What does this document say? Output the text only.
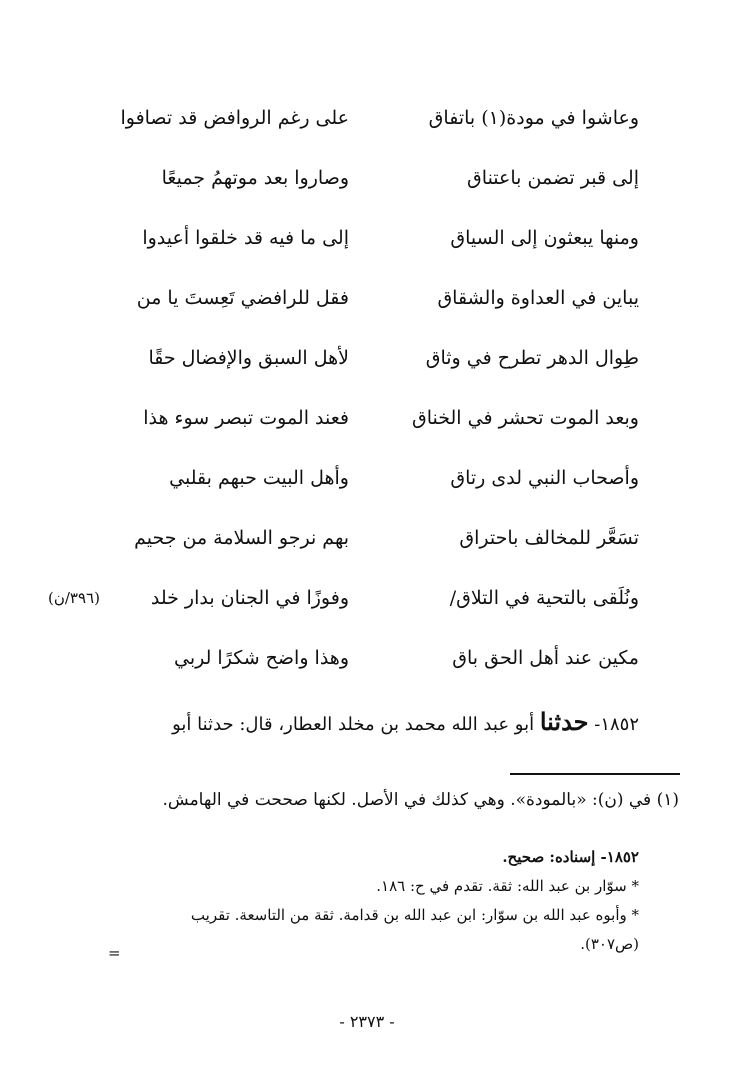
على رغم الروافض قد تصافوا	وعاشوا في مودة(١) باتفاق
وصاروا بعد موتهمُ جميعًا	إلى قبر تضمن باعتناق
إلى ما فيه قد خلقوا أعيدوا	ومنها يبعثون إلى السياق
فقل للرافضي تَعِستَ يا من	يباين في العداوة والشقاق
لأهل السبق والإفضال حقًا	طِوال الدهر تطرح في وثاق
فعند الموت تبصر سوء هذا	وبعد الموت تحشر في الخناق
وأهل البيت حبهم بقلبي	وأصحاب النبي لدى رتاق
بهم نرجو السلامة من جحيم	تسَعَّر للمخالف باحتراق
وفوزًا في الجنان بدار خلد	ونُلَقى بالتحية في التلاق/
(٣٩٦/ن)
وهذا واضح شكرًا لربي	مكين عند أهل الحق باق
١٨٥٢- حدثنا أبو عبد الله محمد بن مخلد العطار، قال: حدثنا أبو
(١) في (ن): «بالمودة». وهي كذلك في الأصل. لكنها صححت في الهامش.
١٨٥٢- إسناده: صحيح.
* سوّار بن عبد الله: ثقة. تقدم في ح: ١٨٦.
* وأبوه عبد الله بن سوّار: ابن عبد الله بن قدامة. ثقة من التاسعة. تقريب
(ص٣٠٧).
=
- ٢٣٧٣ -
